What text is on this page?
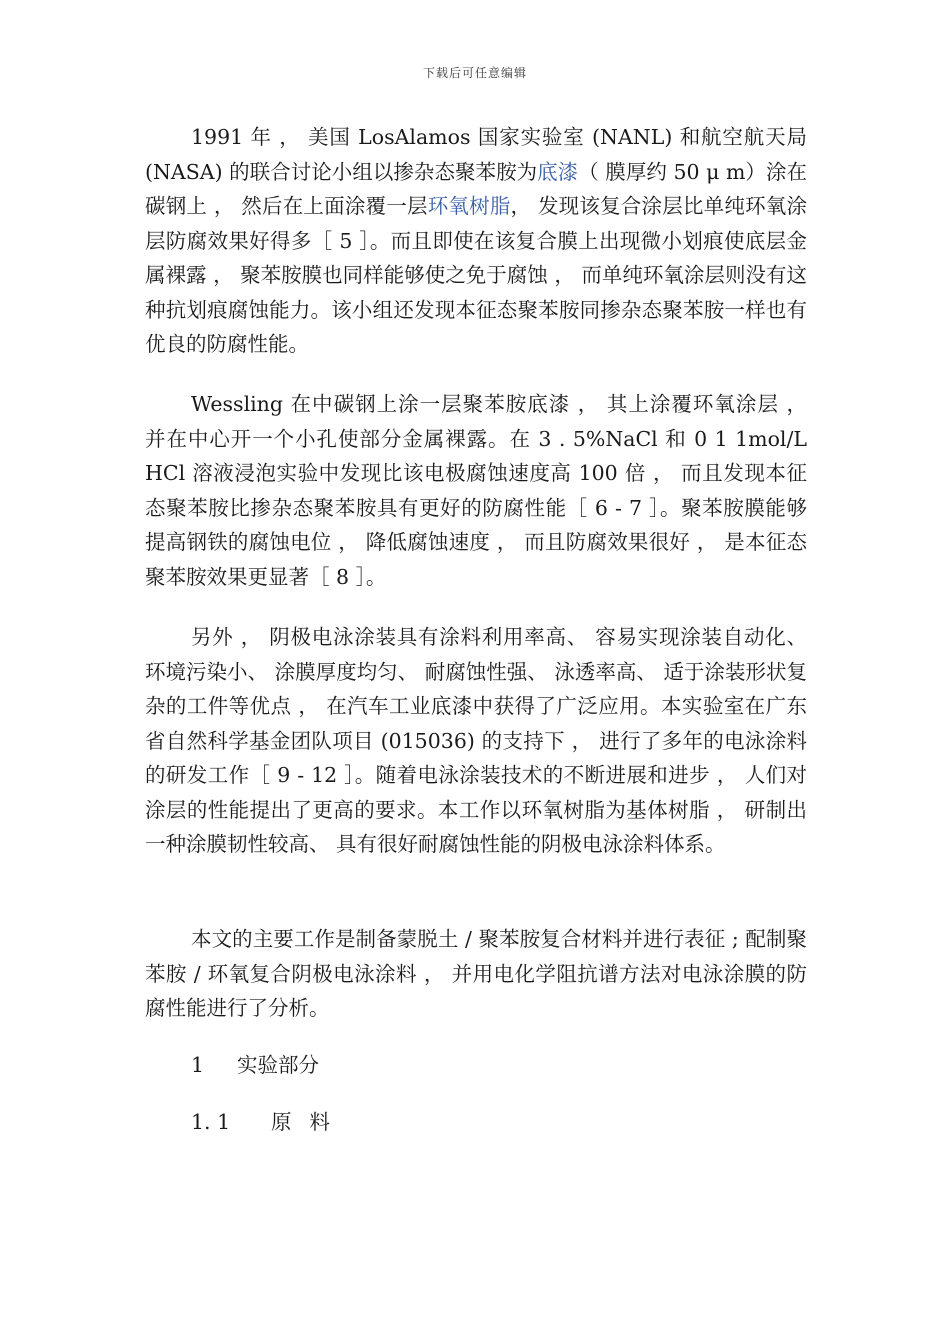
下载后可任意编辑

1991 年 ， 美国 LosAlamos 国家实验室 (NANL) 和航空航天局 (NASA) 的联合讨论小组以掺杂态聚苯胺为底漆（ 膜厚约 50 μ m）涂在碳钢上 ， 然后在上面涂覆一层环氧树脂， 发现该复合涂层比单纯环氧涂层防腐效果好得多［ 5 ］。而且即使在该复合膜上出现微小划痕使底层金属裸露 ， 聚苯胺膜也同样能够使之免于腐蚀 ， 而单纯环氧涂层则没有这种抗划痕腐蚀能力。该小组还发现本征态聚苯胺同掺杂态聚苯胺一样也有优良的防腐性能。

Wessling 在中碳钢上涂一层聚苯胺底漆 ， 其上涂覆环氧涂层 ， 并在中心开一个小孔使部分金属裸露。在 3 . 5%NaCl 和 0 1 1mol/L HCl 溶液浸泡实验中发现比该电极腐蚀速度高 100 倍 ， 而且发现本征态聚苯胺比掺杂态聚苯胺具有更好的防腐性能［ 6 - 7 ］。聚苯胺膜能够提高钢铁的腐蚀电位 ， 降低腐蚀速度 ， 而且防腐效果很好 ， 是本征态聚苯胺效果更显著［ 8 ］。

另外 ， 阴极电泳涂装具有涂料利用率高、 容易实现涂装自动化、 环境污染小、 涂膜厚度均匀、 耐腐蚀性强、 泳透率高、 适于涂装形状复杂的工件等优点 ， 在汽车工业底漆中获得了广泛应用。本实验室在广东省自然科学基金团队项目 (015036) 的支持下 ， 进行了多年的电泳涂料的研发工作［ 9 - 12 ］。随着电泳涂装技术的不断进展和进步 ， 人们对涂层的性能提出了更高的要求。本工作以环氧树脂为基体树脂 ， 研制出一种涂膜韧性较高、 具有很好耐腐蚀性能的阴极电泳涂料体系。

本文的主要工作是制备蒙脱土 / 聚苯胺复合材料并进行表征 ; 配制聚苯胺 / 环氧复合阴极电泳涂料 ， 并用电化学阻抗谱方法对电泳涂膜的防腐性能进行了分析。

1 实验部分
1. 1 原料
